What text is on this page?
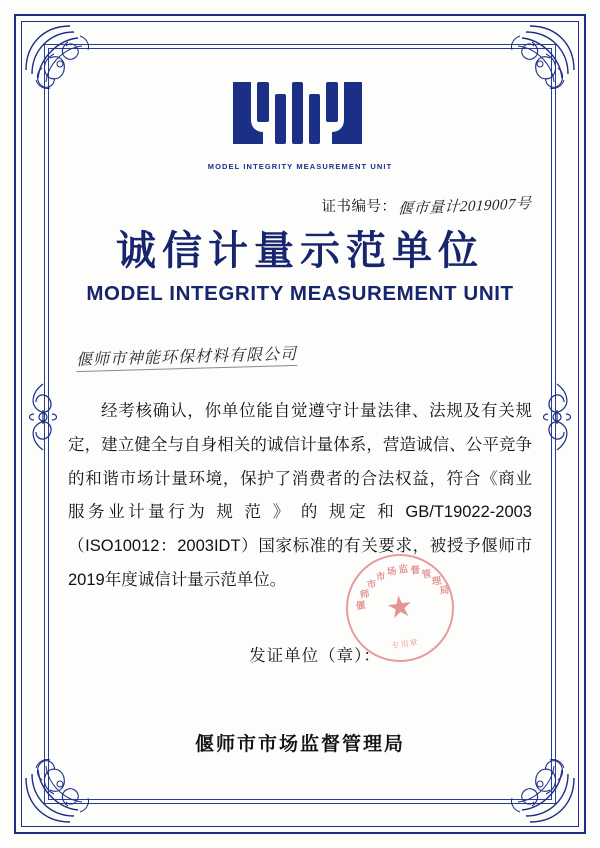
MODEL INTEGRITY MEASUREMENT UNIT
证书编号： 偃市量计2019007号
诚信计量示范单位
MODEL INTEGRITY MEASUREMENT UNIT
偃师市神能环保材料有限公司
经考核确认，你单位能自觉遵守计量法律、法规及有关规定，建立健全与自身相关的诚信计量体系，营造诚信、公平竞争的和谐市场计量环境，保护了消费者的合法权益，符合《商业 服务业计量行为 规 范 》 的 规定 和 GB/T19022-2003（ISO10012：2003IDT）国家标准的有关要求，被授予偃师市2019年度诚信计量示范单位。
发证单位（章）：
★
偃
师
市
市 场 监 督 管
理
局
专用章
偃师市市场监督管理局
